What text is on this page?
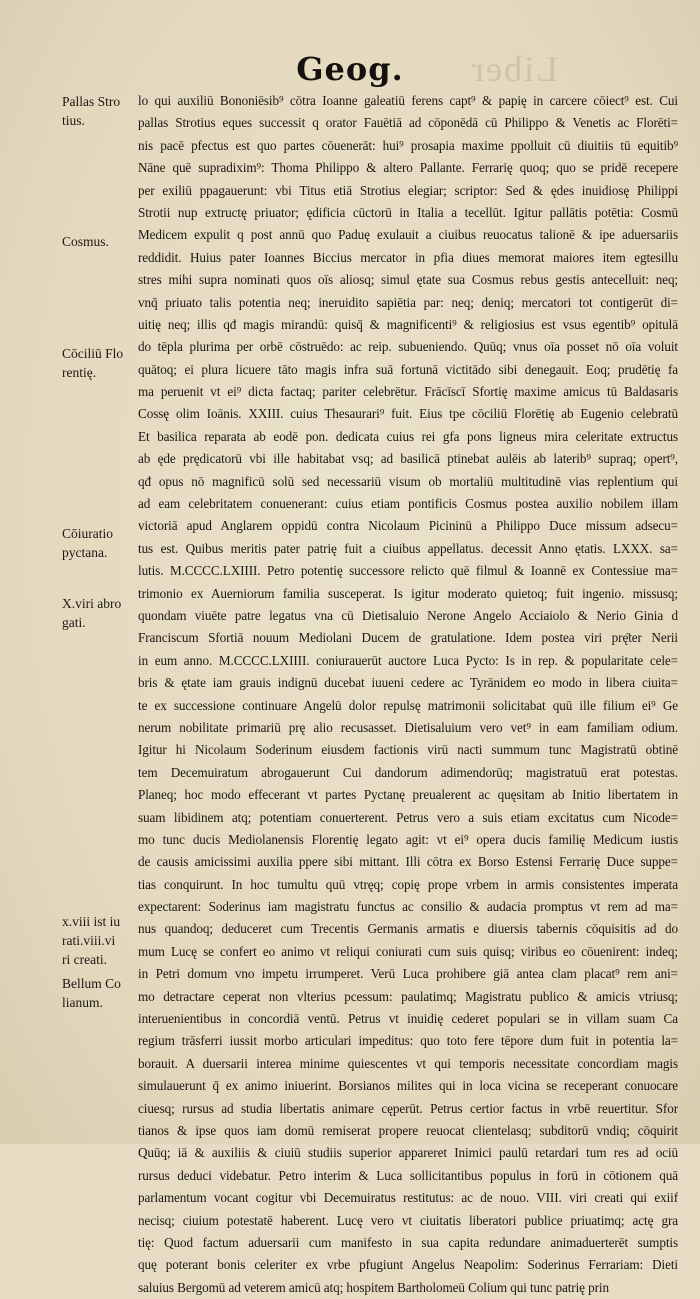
Liber
Geog.
Pallas Stro
tius.
Cosmus.
Cōciliū Flo
rentię.
Cōiuratio
pyctana.
X.viri abro
gati.
x.viii ist iu
rati.viii.vi
ri creati.
Bellum Co
lianum.
lo qui auxiliū Bononiēsib⁹ cōtra Ioanne galeatiū ferens capt⁹ & papię in carcere cōiect⁹ est. Cui
pallas Strotius eques successit q orator Fauētiā ad cōponēdā cū Philippo & Venetis ac Florēti=
nis pacē pfectus est quo partes cōuenerāt: hui⁹ prosapia maxime ppolluit cū diuitiis tū equitib⁹
Nāne quē supradixim⁹: Thoma Philippo & altero Pallante. Ferrarię quoq; quo se pridē recepere
per exiliū ppagauerunt: vbi Titus etiā Strotius elegiar; scriptor: Sed & ędes inuidiosę Philippi
Strotii nup extructę priuator; ędificia cūctorū in Italia a tecellūt. Igitur pallātis potētia: Cosmū
Medicem expulit q post annū quo Paduę exulauit a ciuibus reuocatus talionē & ipe aduersariis
reddidit. Huius pater Ioannes Biccius mercator in pfia diues memorat maiores item egtesillu
stres mihi supra nominati quos oīs aliosq; simul ętate sua Cosmus rebus gestis antecelluit: neq;
vnq̄ priuato talis potentia neq; ineruidito sapiētia par: neq; deniq; mercatori tot contigerūt di=
uitię neq; illis qđ magis mirandū: quisq̄ & magnificenti⁹ & religiosius est vsus egentib⁹ opitulā
do tēpla plurima per orbē cōstruēdo: ac reip. subueniendo. Quūq; vnus oīa posset nō oīa voluit
quātoq; ei plura licuere tāto magis infra suā fortunā victitādo sibi denegauit. Eoq; prudētię fa
ma peruenit vt ei⁹ dicta factaq; pariter celebrētur. Frācīscī Sfortię maxime amicus tū Baldasaris
Cossę olim Ioānis. XXIII. cuius Thesaurari⁹ fuit. Eius tpe cōciliū Florētię ab Eugenio celebratū
Et basilica reparata ab eodē pon. dedicata cuius rei gfa pons ligneus mira celeritate extructus
ab ęde prędicatorū vbi ille habitabat vsq; ad basilicā ptinebat aulēis ab laterib⁹ supraq; opert⁹,
qđ opus nō magnificū solū sed necessariū visum ob mortaliū multitudinē vias replentium qui
ad eam celebritatem conuenerant: cuius etiam pontificis Cosmus postea auxilio nobilem illam
victoriā apud Anglarem oppidū contra Nicolaum Picininū a Philippo Duce missum adsecu=
tus est. Quibus meritis pater patrię fuit a ciuibus appellatus. decessit Anno ętatis. LXXX. sa=
lutis. M.CCCC.LXIIII. Petro potentię successore relicto quē filmul & Ioannē ex Contessiue ma=
trimonio ex Auerniorum familia susceperat. Is igitur moderato quietoq; fuit ingenio. missusq;
quondam viuēte patre legatus vna cū Dietisaluio Nerone Angelo Acciaiolo & Nerio Ginia d
Franciscum Sfortiā nouum Mediolani Ducem de gratulatione. Idem postea viri prę̄ter Nerii
in eum anno. M.CCCC.LXIIII. coniurauerūt auctore Luca Pycto: Is in rep. & popularitate cele=
bris & ętate iam grauis indignū ducebat iuueni cedere ac Tyrānidem eo modo in libera ciuita=
te ex successione continuare Angelū dolor repulsę matrimonii solicitabat quū ille filium ei⁹ Ge
nerum nobilitate primariū prę alio recusasset. Dietisaluium vero vet⁹ in eam familiam odium.
Igitur hi Nicolaum Soderinum eiusdem factionis virū nacti summum tunc Magistratū obtinē
tem Decemuiratum abrogauerunt Cui dandorum adimendorūq; magistratuū erat potestas.
Planeq; hoc modo effecerant vt partes Pyctanę preualerent ac quęsitam ab Initio libertatem in
suam libidinem atq; potentiam conuerterent. Petrus vero a suis etiam excitatus cum Nicode=
mo tunc ducis Mediolanensis Florentię legato agit: vt ei⁹ opera ducis familię Medicum iustis
de causis amicissimi auxilia ppere sibi mittant. Illi cōtra ex Borso Estensi Ferrarię Duce suppe=
tias conquirunt. In hoc tumultu quū vtręq; copię prope vrbem in armis consistentes imperata
expectarent: Soderinus iam magistratu functus ac consilio & audacia promptus vt rem ad ma=
nus quandoq; deduceret cum Trecentis Germanis armatis e diuersis tabernis cōquisitis ad do
mum Lucę se confert eo animo vt reliqui coniurati cum suis quisq; viribus eo cōuenirent: indeq;
in Petri domum vno impetu irrumperet. Verū Luca prohibere giā antea clam placat⁹ rem ani=
mo detractare ceperat non vlterius pcessum: paulatimq; Magistratu publico & amicis vtriusq;
interuenientibus in concordiā ventū. Petrus vt inuidię cederet populari se in villam suam Ca
regium trāsferri iussit morbo articulari impeditus: quo toto fere tēpore dum fuit in potentia la=
borauit. A duersarii interea minime quiescentes vt qui temporis necessitate concordiam magis
simulauerunt q̄ ex animo iniuerint. Borsianos milites qui in loca vicina se receperant conuocare
ciuesq; rursus ad studia libertatis animare cęperūt. Petrus certior factus in vrbē reuertitur. Sfor
tianos & ipse quos iam domū remiserat propere reuocat clientelasq; subditorū vndiq; cōquirit
Quūq; iā & auxiliis & ciuiū studiis superior appareret Inimici paulū retardari tum res ad ociū
rursus deduci videbatur. Petro interim & Luca sollicitantibus populus in forū in cōtionem quā
parlamentum vocant cogitur vbi Decemuiratus restitutus: ac de nouo. VIII. viri creati qui exiif
necisq; ciuium potestatē haberent. Lucę vero vt ciuitatis liberatori publice priuatimq; actę gra
tię: Quod factum aduersarii cum manifesto in sua capita redundare animaduerterēt sumptis
quę poterant bonis celeriter ex vrbe pfugiunt Angelus Neapolim: Soderinus Ferrariam: Dieti
saluius Bergomū ad veterem amicū atq; hospitem Bartholomeū Colium qui tunc patrię prin
